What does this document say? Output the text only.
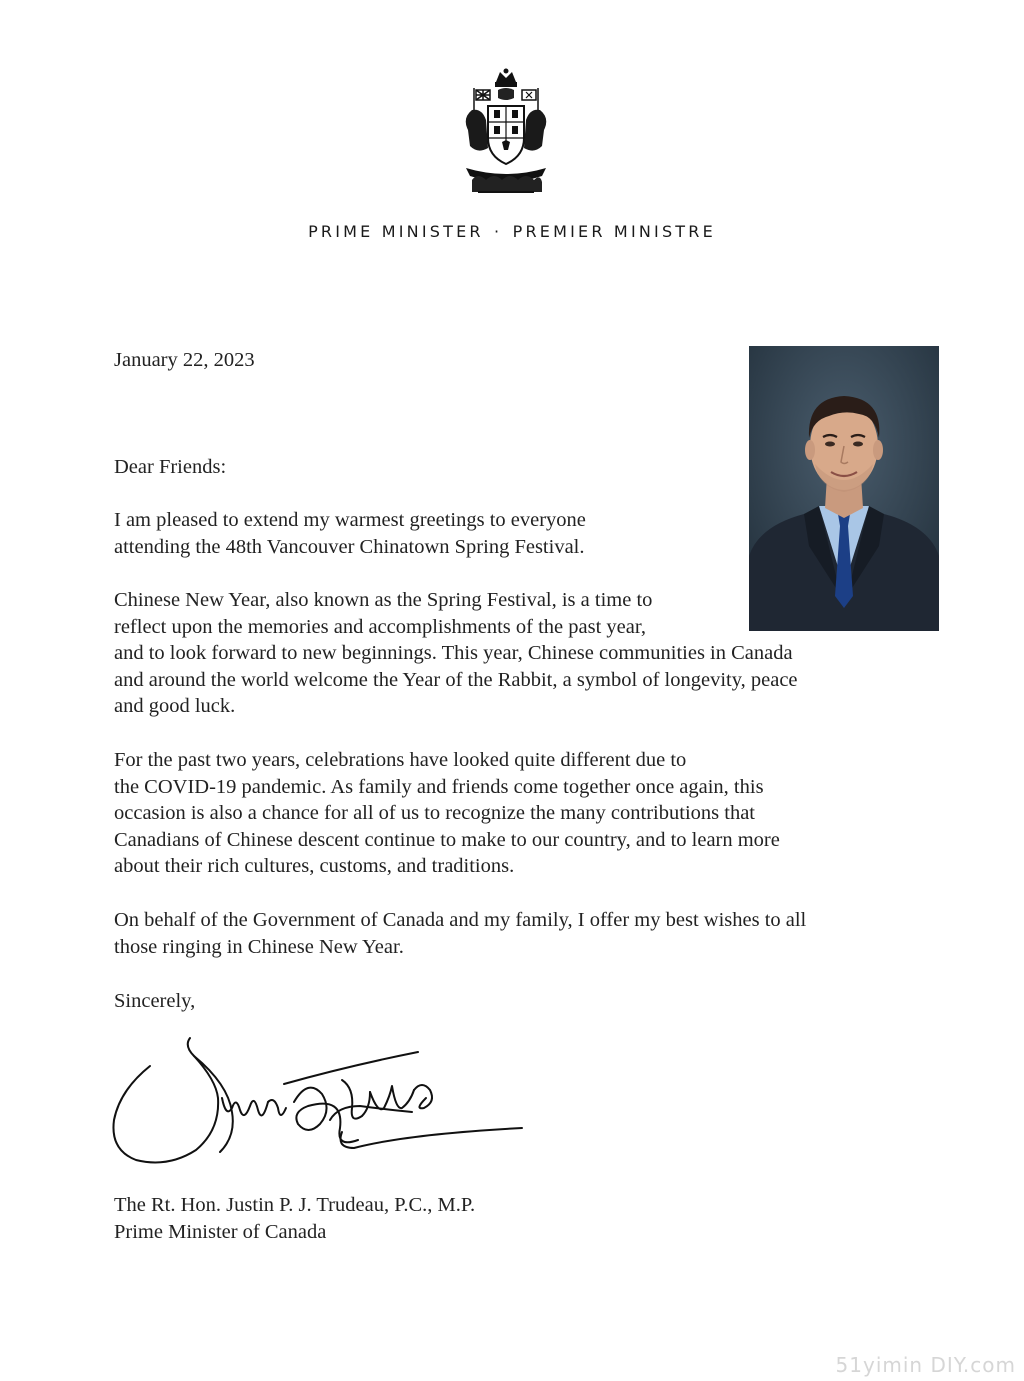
PRIME MINISTER · PREMIER MINISTRE
January 22, 2023
Dear Friends:
I am pleased to extend my warmest greetings to everyone
attending the 48th Vancouver Chinatown Spring Festival.
Chinese New Year, also known as the Spring Festival, is a time to
reflect upon the memories and accomplishments of the past year,
and to look forward to new beginnings. This year, Chinese communities in Canada
and around the world welcome the Year of the Rabbit, a symbol of longevity, peace
and good luck.
For the past two years, celebrations have looked quite different due to
the COVID-19 pandemic. As family and friends come together once again, this
occasion is also a chance for all of us to recognize the many contributions that
Canadians of Chinese descent continue to make to our country, and to learn more
about their rich cultures, customs, and traditions.
On behalf of the Government of Canada and my family, I offer my best wishes to all
those ringing in Chinese New Year.
Sincerely,
The Rt. Hon. Justin P. J. Trudeau, P.C., M.P.
Prime Minister of Canada
51yimin DIY.com
